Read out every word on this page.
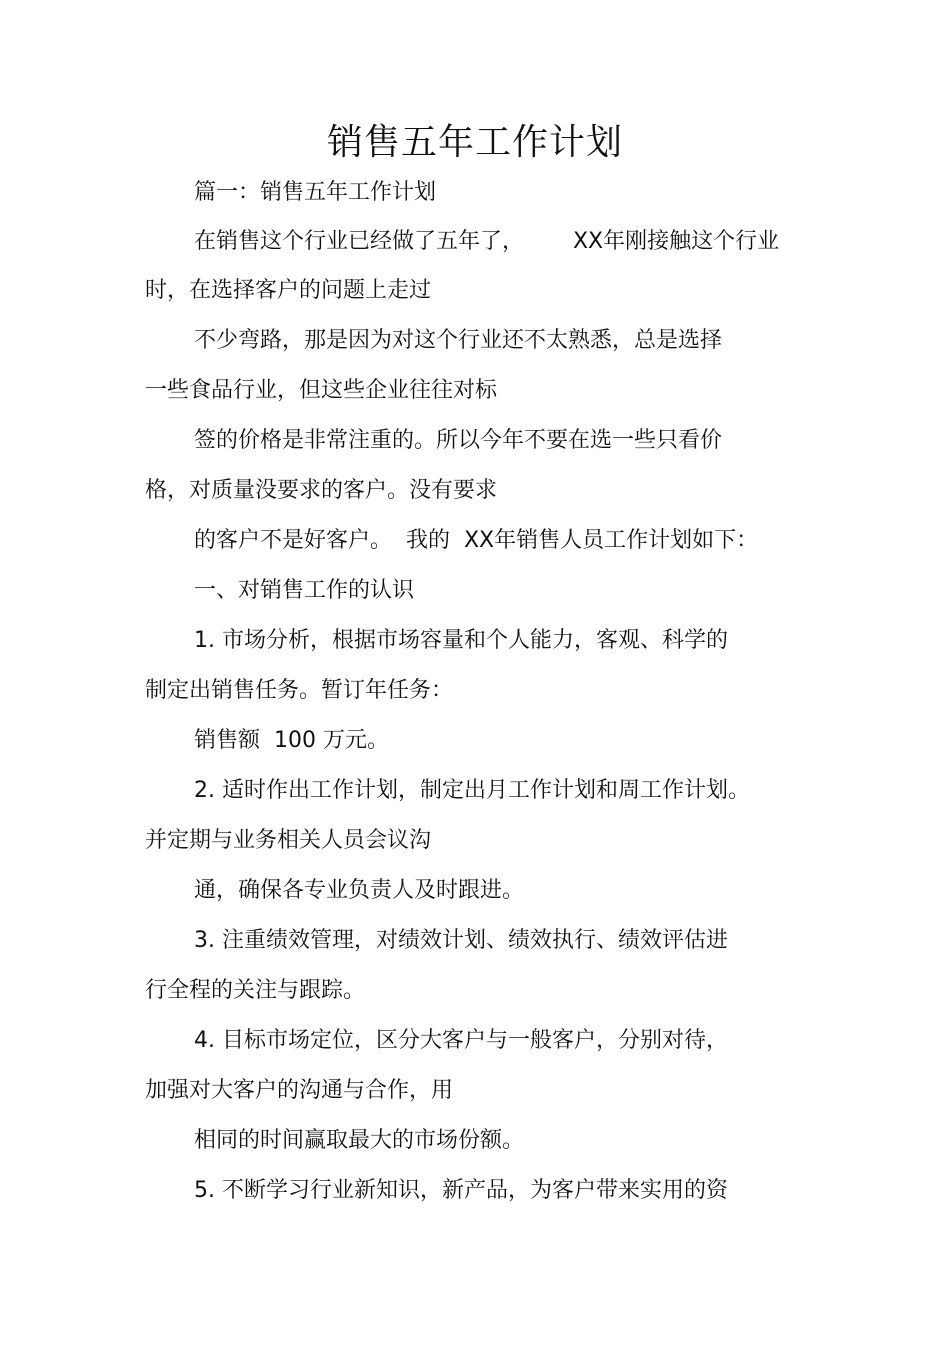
销售五年工作计划
篇一：销售五年工作计划
在销售这个行业已经做了五年了，       XX年刚接触这个行业
时，在选择客户的问题上走过
不少弯路，那是因为对这个行业还不太熟悉，总是选择
一些食品行业，但这些企业往往对标
签的价格是非常注重的。所以今年不要在选一些只看价
格，对质量没要求的客户。没有要求
的客户不是好客户。  我的  XX年销售人员工作计划如下：
一、对销售工作的认识
1. 市场分析，根据市场容量和个人能力，客观、科学的
制定出销售任务。暂订年任务：
销售额  100 万元。
2. 适时作出工作计划，制定出月工作计划和周工作计划。
并定期与业务相关人员会议沟
通，确保各专业负责人及时跟进。
3. 注重绩效管理，对绩效计划、绩效执行、绩效评估进
行全程的关注与跟踪。
4. 目标市场定位，区分大客户与一般客户，分别对待，
加强对大客户的沟通与合作，用
相同的时间赢取最大的市场份额。
5. 不断学习行业新知识，新产品，为客户带来实用的资
